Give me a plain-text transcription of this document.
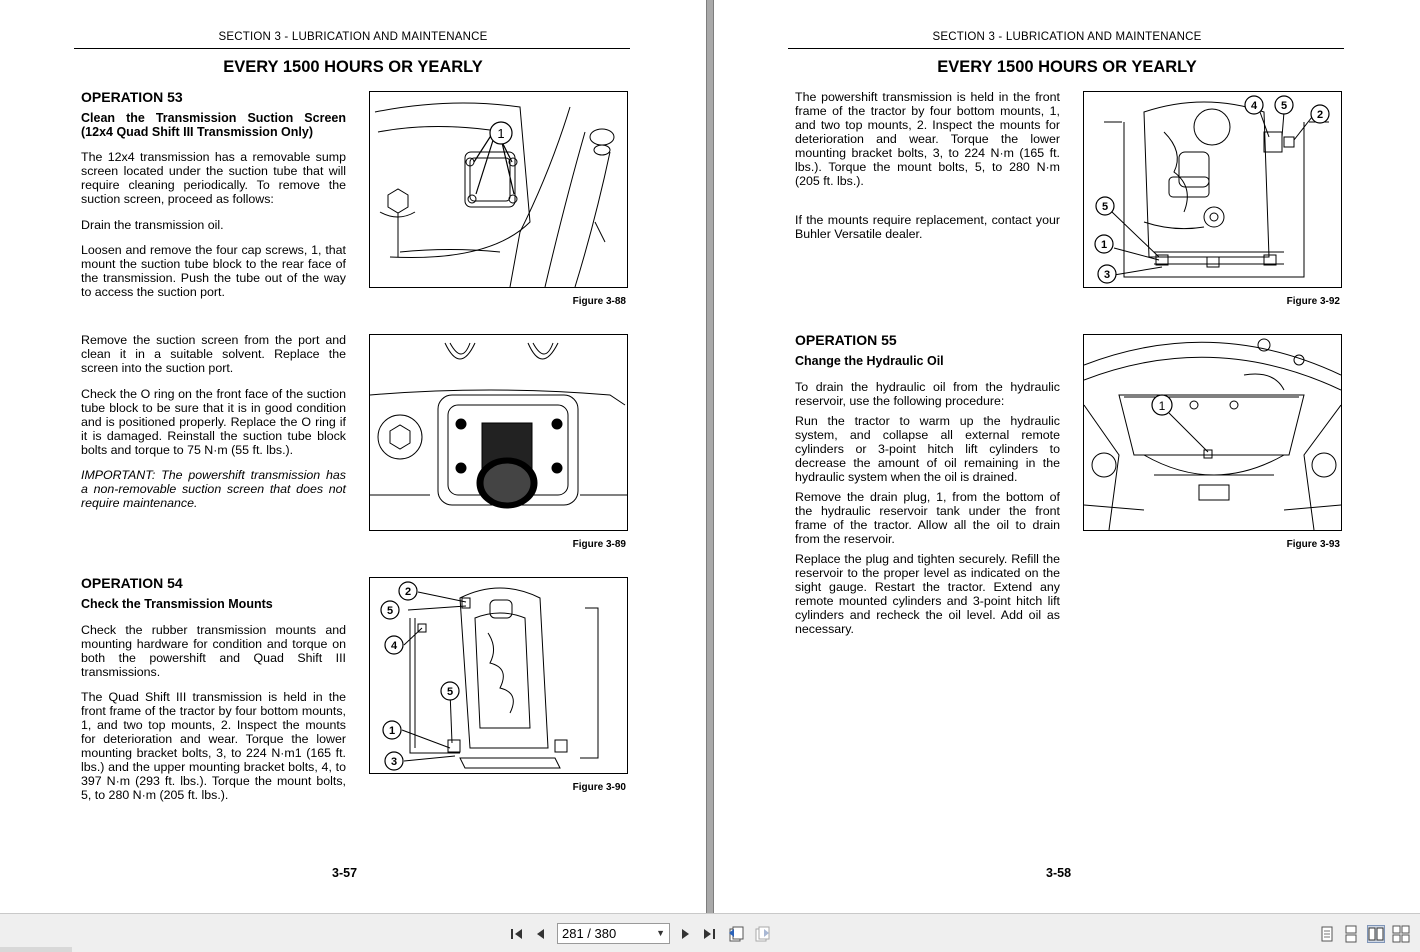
SECTION 3 - LUBRICATION AND MAINTENANCE
EVERY 1500 HOURS OR YEARLY
OPERATION 53
Clean the Transmission Suction Screen (12x4 Quad Shift III Transmission Only)

The 12x4 transmission has a removable sump screen located under the suction tube that will require cleaning periodically. To remove the suction screen, proceed as follows:

Drain the transmission oil.

Loosen and remove the four cap screws, 1, that mount the suction tube block to the rear face of the transmission. Push the tube out of the way to access the suction port.

Remove the suction screen from the port and clean it in a suitable solvent. Replace the screen into the suction port.

Check the O ring on the front face of the suction tube block to be sure that it is in good condition and is positioned properly. Replace the O ring if it is damaged. Reinstall the suction tube block bolts and torque to 75 N·m (55 ft. lbs.).

IMPORTANT: The powershift transmission has a non-removable suction screen that does not require maintenance.

1
Figure 3-88
Figure 3-89
OPERATION 54
Check the Transmission Mounts

Check the rubber transmission mounts and mounting hardware for condition and torque on both the powershift and Quad Shift III transmissions.

The Quad Shift III transmission is held in the front frame of the tractor by four bottom mounts, 1, and two top mounts, 2. Inspect the mounts for deterioration and wear. Torque the lower mounting bracket bolts, 3, to 224 N·m1 (165 ft. lbs.) and the upper mounting bracket bolts, 4, to 397 N·m (293 ft. lbs.). Torque the mount bolts, 5, to 280 N·m (205 ft. lbs.).

2
5
4
5
1
3
Figure 3-90
3-57
SECTION 3 - LUBRICATION AND MAINTENANCE
EVERY 1500 HOURS OR YEARLY

The powershift transmission is held in the front frame of the tractor by four bottom mounts, 1, and two top mounts, 2. Inspect the mounts for deterioration and wear. Torque the lower mounting bracket bolts, 3, to 224 N·m (165 ft. lbs.). Torque the mount bolts, 5, to 280 N·m (205 ft. lbs.).

If the mounts require replacement, contact your Buhler Versatile dealer.

4 5
2
5
1
3
Figure 3-92
OPERATION 55
Change the Hydraulic Oil

To drain the hydraulic oil from the hydraulic reservoir, use the following procedure:

Run the tractor to warm up the hydraulic system, and collapse all external remote cylinders or 3-point hitch lift cylinders to decrease the amount of oil remaining in the hydraulic system when the oil is drained.

Remove the drain plug, 1, from the bottom of the hydraulic reservoir tank under the front frame of the tractor. Allow all the oil to drain from the reservoir.

Replace the plug and tighten securely. Refill the reservoir to the proper level as indicated on the sight gauge. Restart the tractor. Extend any remote mounted cylinders and 3-point hitch lift cylinders and recheck the oil level. Add oil as necessary.

1
Figure 3-93
3-58
281 / 380	▼
